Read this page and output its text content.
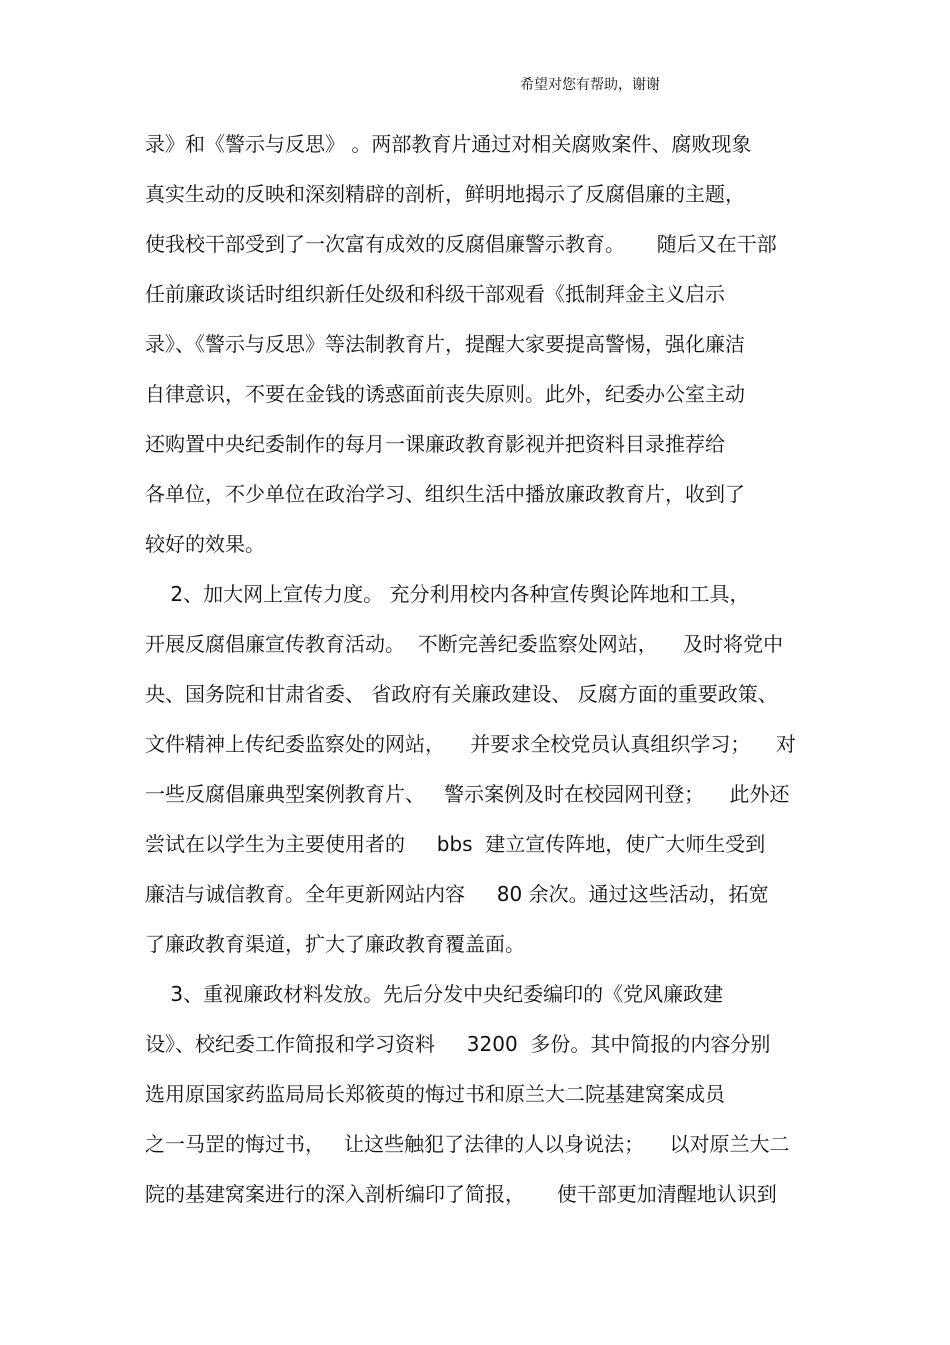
希望对您有帮助，谢谢
录》和《警示与反思》 。两部教育片通过对相关腐败案件、腐败现象
真实生动的反映和深刻精辟的剖析，鲜明地揭示了反腐倡廉的主题，
使我校干部受到了一次富有成效的反腐倡廉警示教育。     随后又在干部
任前廉政谈话时组织新任处级和科级干部观看《抵制拜金主义启示
录》、《警示与反思》等法制教育片，提醒大家要提高警惕，强化廉洁
自律意识，不要在金钱的诱惑面前丧失原则。此外，纪委办公室主动
还购置中央纪委制作的每月一课廉政教育影视并把资料目录推荐给
各单位，不少单位在政治学习、组织生活中播放廉政教育片，收到了
较好的效果。
2、加大网上宣传力度。 充分利用校内各种宣传舆论阵地和工具，
开展反腐倡廉宣传教育活动。  不断完善纪委监察处网站，    及时将党中
央、国务院和甘肃省委、 省政府有关廉政建设、 反腐方面的重要政策、
文件精神上传纪委监察处的网站，    并要求全校党员认真组织学习；    对
一些反腐倡廉典型案例教育片、   警示案例及时在校园网刊登；    此外还
尝试在以学生为主要使用者的     bbs  建立宣传阵地，使广大师生受到
廉洁与诚信教育。全年更新网站内容     80 余次。通过这些活动，拓宽
了廉政教育渠道，扩大了廉政教育覆盖面。
3、重视廉政材料发放。先后分发中央纪委编印的《党风廉政建
设》、校纪委工作简报和学习资料     3200  多份。其中简报的内容分别
选用原国家药监局局长郑筱萸的悔过书和原兰大二院基建窝案成员
之一马罡的悔过书，   让这些触犯了法律的人以身说法；    以对原兰大二
院的基建窝案进行的深入剖析编印了简报，     使干部更加清醒地认识到
